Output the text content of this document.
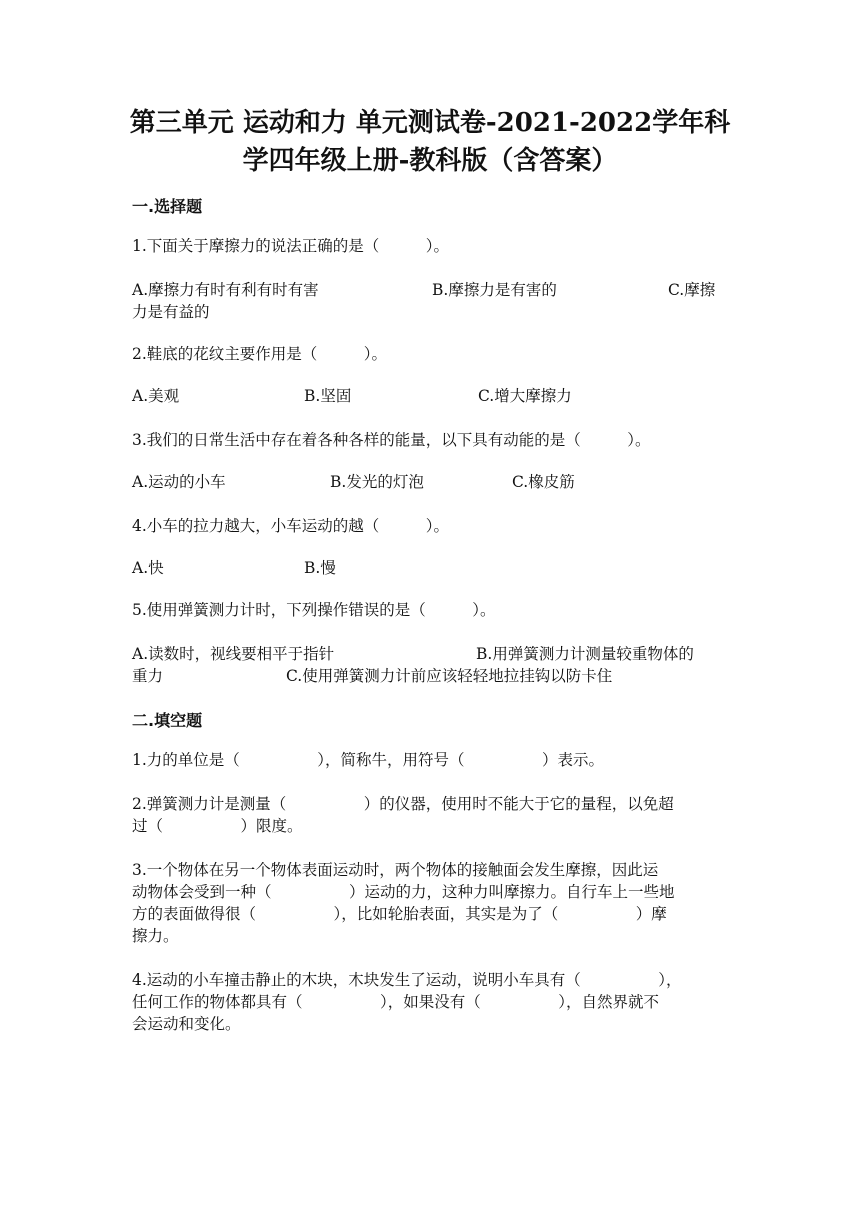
第三单元 运动和力 单元测试卷-2021-2022学年科
学四年级上册-教科版（含答案）
一.选择题
1.下面关于摩擦力的说法正确的是（　　　）。
A.摩擦力有时有利有时有害	B.摩擦力是有害的	C.摩擦
力是有益的
2.鞋底的花纹主要作用是（　　　）。
A.美观	B.坚固	C.增大摩擦力
3.我们的日常生活中存在着各种各样的能量，以下具有动能的是（　　　）。
A.运动的小车	B.发光的灯泡	C.橡皮筋
4.小车的拉力越大，小车运动的越（　　　）。
A.快	B.慢
5.使用弹簧测力计时，下列操作错误的是（　　　）。
A.读数时，视线要相平于指针	B.用弹簧测力计测量较重物体的
重力	C.使用弹簧测力计前应该轻轻地拉挂钩以防卡住
二.填空题
1.力的单位是（　　　　　），简称牛，用符号（　　　　　）表示。
2.弹簧测力计是测量（　　　　　）的仪器，使用时不能大于它的量程，以免超
过（　　　　　）限度。
3.一个物体在另一个物体表面运动时，两个物体的接触面会发生摩擦，因此运
动物体会受到一种（　　　　　）运动的力，这种力叫摩擦力。自行车上一些地
方的表面做得很（　　　　　），比如轮胎表面，其实是为了（　　　　　）摩
擦力。
4.运动的小车撞击静止的木块，木块发生了运动，说明小车具有（　　　　　），
任何工作的物体都具有（　　　　　），如果没有（　　　　　），自然界就不
会运动和变化。
